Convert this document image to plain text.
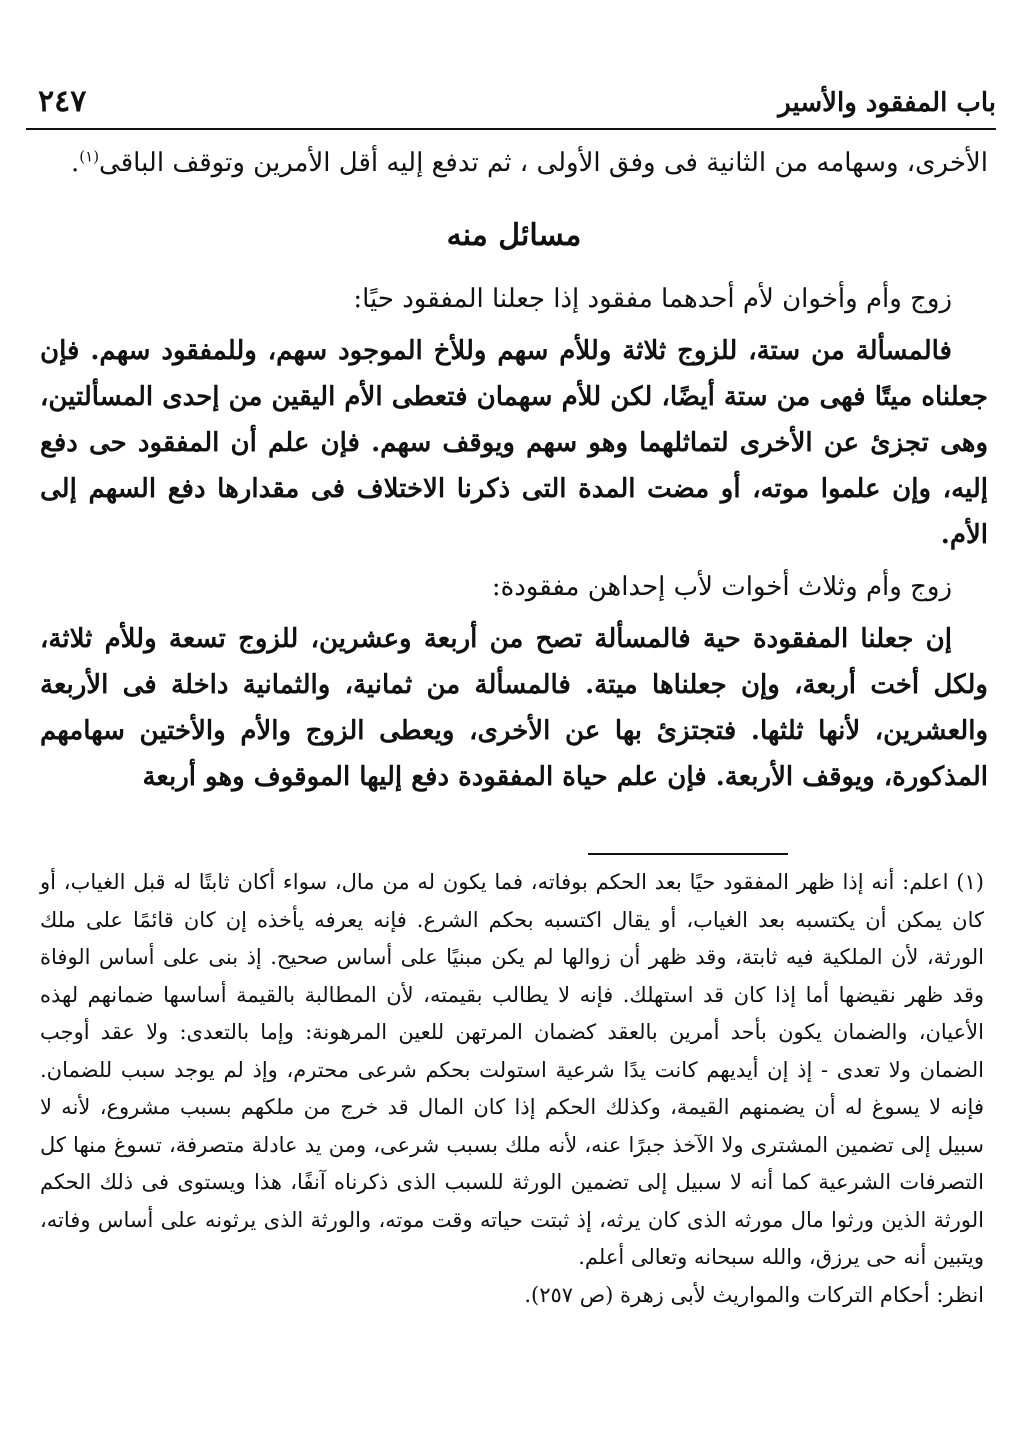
باب المفقود والأسير
٢٤٧

الأخرى، وسهامه من الثانية فى وفق الأولى ، ثم تدفع إليه أقل الأمرين وتوقف الباقى$^{(١)}$.

مسائل منه

زوج وأم وأخوان لأم أحدهما مفقود إذا جعلنا المفقود حيًا:

فالمسألة من ستة، للزوج ثلاثة وللأم سهم وللأخ الموجود سهم، وللمفقود سهم. فإن جعلناه ميتًا فهى من ستة أيضًا، لكن للأم سهمان فتعطى الأم اليقين من إحدى المسألتين، وهى تجزئ عن الأخرى لتماثلهما وهو سهم ويوقف سهم. فإن علم أن المفقود حى دفع إليه، وإن علموا موته، أو مضت المدة التى ذكرنا الاختلاف فى مقدارها دفع السهم إلى الأم.

زوج وأم وثلاث أخوات لأب إحداهن مفقودة:

إن جعلنا المفقودة حية فالمسألة تصح من أربعة وعشرين، للزوج تسعة وللأم ثلاثة، ولكل أخت أربعة، وإن جعلناها ميتة. فالمسألة من ثمانية، والثمانية داخلة فى الأربعة والعشرين، لأنها ثلثها. فتجتزئ بها عن الأخرى، ويعطى الزوج والأم والأختين سهامهم المذكورة، ويوقف الأربعة. فإن علم حياة المفقودة دفع إليها الموقوف وهو أربعة

(١) اعلم: أنه إذا ظهر المفقود حيًا بعد الحكم بوفاته، فما يكون له من مال، سواء أكان ثابتًا له قبل الغياب، أو كان يمكن أن يكتسبه بعد الغياب، أو يقال اكتسبه بحكم الشرع. فإنه يعرفه يأخذه إن كان قائمًا على ملك الورثة، لأن الملكية فيه ثابتة، وقد ظهر أن زوالها لم يكن مبنيًا على أساس صحيح. إذ بنى على أساس الوفاة وقد ظهر نقيضها أما إذا كان قد استهلك. فإنه لا يطالب بقيمته، لأن المطالبة بالقيمة أساسها ضمانهم لهذه الأعيان، والضمان يكون بأحد أمرين بالعقد كضمان المرتهن للعين المرهونة: وإما بالتعدى: ولا عقد أوجب الضمان ولا تعدى - إذ إن أيديهم كانت يدًا شرعية استولت بحكم شرعى محترم، وإذ لم يوجد سبب للضمان. فإنه لا يسوغ له أن يضمنهم القيمة، وكذلك الحكم إذا كان المال قد خرج من ملكهم بسبب مشروع، لأنه لا سبيل إلى تضمين المشترى ولا الآخذ جبرًا عنه، لأنه ملك بسبب شرعى، ومن يد عادلة متصرفة، تسوغ منها كل التصرفات الشرعية كما أنه لا سبيل إلى تضمين الورثة للسبب الذى ذكرناه آنفًا، هذا ويستوى فى ذلك الحكم الورثة الذين ورثوا مال مورثه الذى كان يرثه، إذ ثبتت حياته وقت موته، والورثة الذى يرثونه على أساس وفاته، ويتبين أنه حى يرزق، والله سبحانه وتعالى أعلم.

انظر: أحكام التركات والمواريث لأبى زهرة (ص ٢٥٧).
